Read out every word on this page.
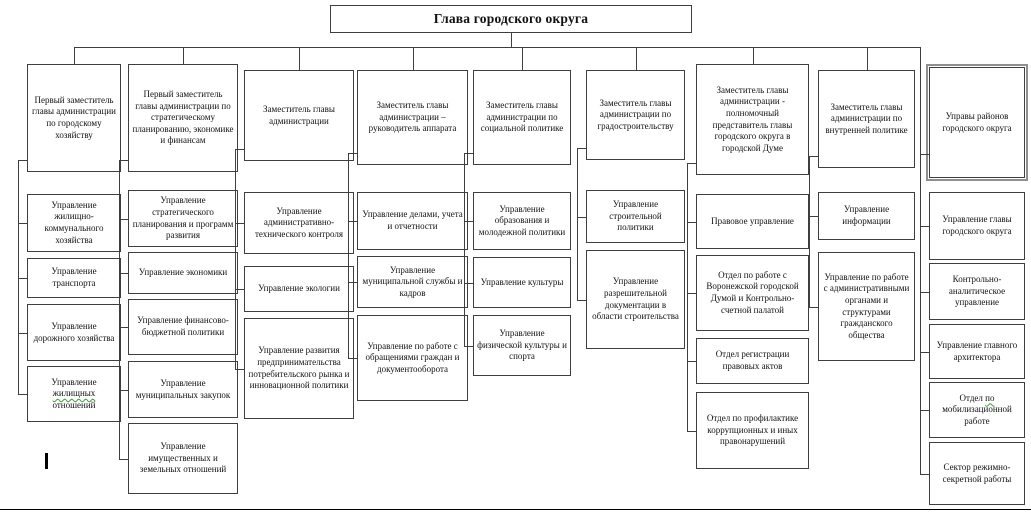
Глава городского округа
Первый заместитель главы администрации по городскому хозяйству
Управление жилищно-коммунального хозяйства
Управление транспорта
Управление дорожного хозяйства
Управление жилищных отношений
Первый заместитель главы администрации по стратегическому планированию, экономике и финансам
Управление стратегического планирования и программ развития
Управление экономики
Управление финансово-бюджетной политики
Управление муниципальных закупок
Управление имущественных и земельных отношений
Заместитель главы администрации
Управление административно-технического контроля
Управление экологии
Управление развития предпринимательства потребительского рынка и инновационной политики
Заместитель главы администрации – руководитель аппарата
Управление делами, учета и отчетности
Управление муниципальной службы и кадров
Управление по работе с обращениями граждан и документооборота
Заместитель главы администрации по социальной политике
Управление образования и молодежной политики
Управление культуры
Управление физической культуры и спорта
Заместитель главы администрации по градостроительству
Управление строительной политики
Управление разрешительной документации в области строительства
Заместитель главы администрации - полномочный представитель главы городского округа в городской Думе
Правовое управление
Отдел по работе с Воронежской городской Думой и Контрольно-счетной палатой
Отдел регистрации правовых актов
Отдел по профилактике коррупционных и иных правонарушений
Заместитель главы администрации по внутренней политике
Управление информации
Управление по работе с административными органами и структурами гражданского общества
Управы районов городского округа
Управление главы городского округа
Контрольно-аналитическое управление
Управление главного архитектора
Отдел по мобилизационной работе
Сектор режимно-секретной работы
